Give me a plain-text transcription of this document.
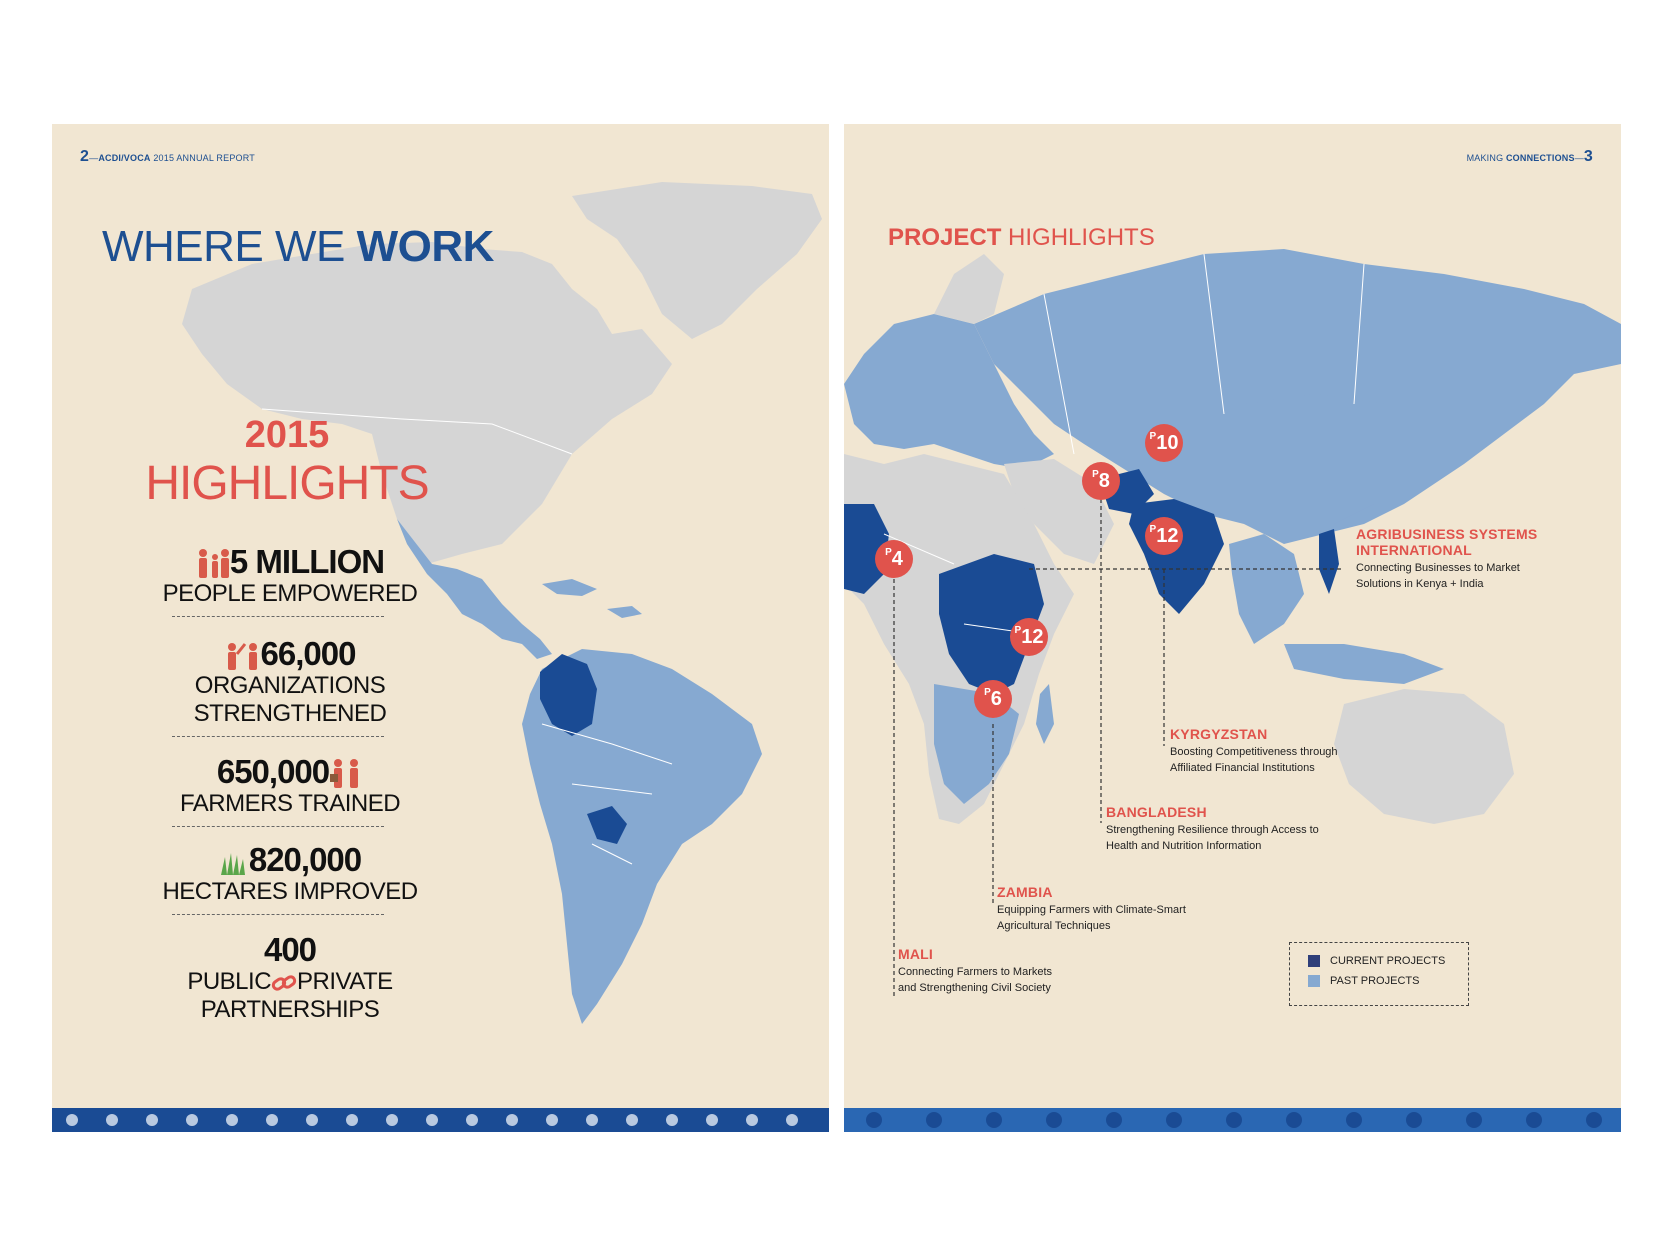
2—ACDI/VOCA 2015 ANNUAL REPORT
WHERE WE WORK
2015
HIGHLIGHTS
5 MILLION
PEOPLE EMPOWERED
66,000
ORGANIZATIONS
STRENGTHENED
650,000
FARMERS TRAINED
820,000
HECTARES IMPROVED
400
PUBLIC PRIVATE
PARTNERSHIPS
MAKING CONNECTIONS—3
PROJECT HIGHLIGHTS
$^P$4
$^P$6
$^P$8
$^P$10
$^P$12
$^P$12
AGRIBUSINESS SYSTEMS
INTERNATIONAL
Connecting Businesses to Market
Solutions in Kenya + India
KYRGYZSTAN
Boosting Competitiveness through
Affiliated Financial Institutions
BANGLADESH
Strengthening Resilience through Access to
Health and Nutrition Information
ZAMBIA
Equipping Farmers with Climate-Smart
Agricultural Techniques
MALI
Connecting Farmers to Markets
and Strengthening Civil Society
CURRENT PROJECTS
PAST PROJECTS
